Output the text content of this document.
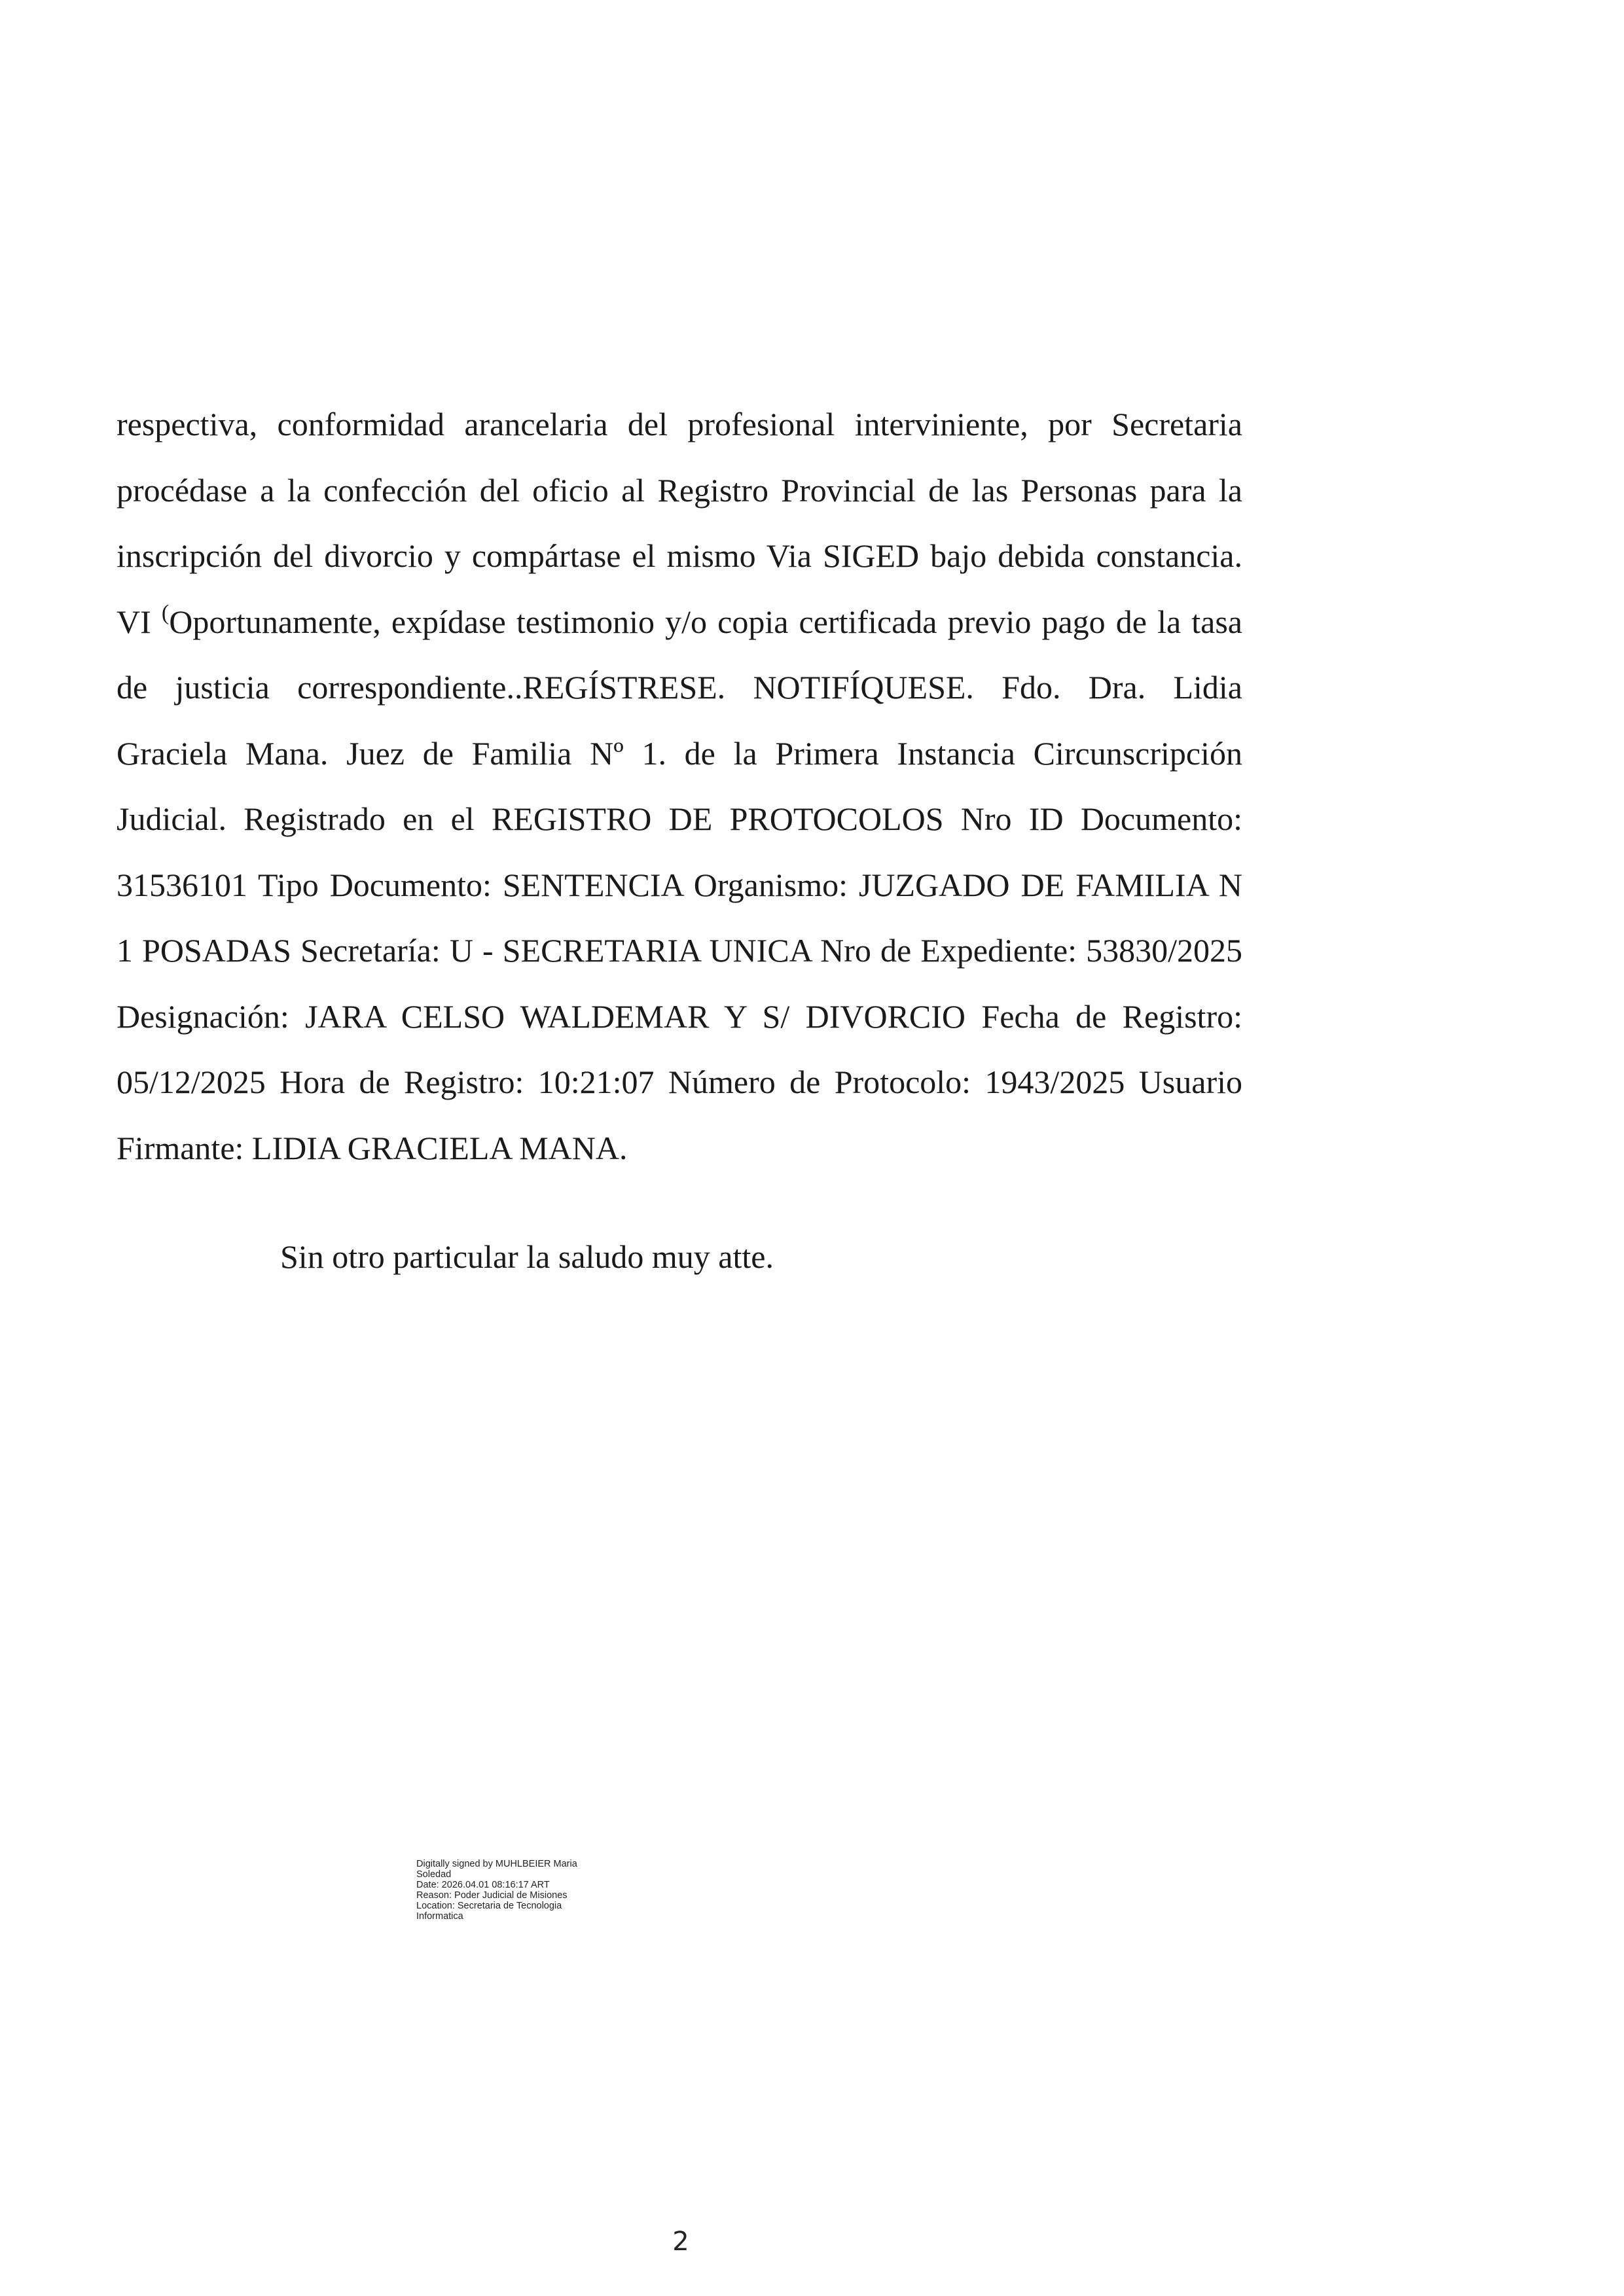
respectiva, conformidad arancelaria del profesional interviniente, por Secretaria
procédase a la confección del oficio al Registro Provincial de las Personas para la
inscripción del divorcio y compártase el mismo Via SIGED bajo debida constancia.
VI (Oportunamente, expídase testimonio y/o copia certificada previo pago de la tasa
de justicia correspondiente..REGÍSTRESE. NOTIFÍQUESE. Fdo. Dra. Lidia
Graciela Mana. Juez de Familia Nº 1. de la Primera Instancia Circunscripción
Judicial. Registrado en el REGISTRO DE PROTOCOLOS Nro ID Documento:
31536101 Tipo Documento: SENTENCIA Organismo: JUZGADO DE FAMILIA N
1 POSADAS Secretaría: U - SECRETARIA UNICA Nro de Expediente: 53830/2025
Designación: JARA CELSO WALDEMAR Y S/ DIVORCIO Fecha de Registro:
05/12/2025 Hora de Registro: 10:21:07 Número de Protocolo: 1943/2025 Usuario
Firmante: LIDIA GRACIELA MANA.

Sin otro particular la saludo muy atte.

Digitally signed by MUHLBEIER Maria
Soledad
Date: 2026.04.01 08:16:17 ART
Reason: Poder Judicial de Misiones
Location: Secretaria de Tecnologia
Informatica

2
